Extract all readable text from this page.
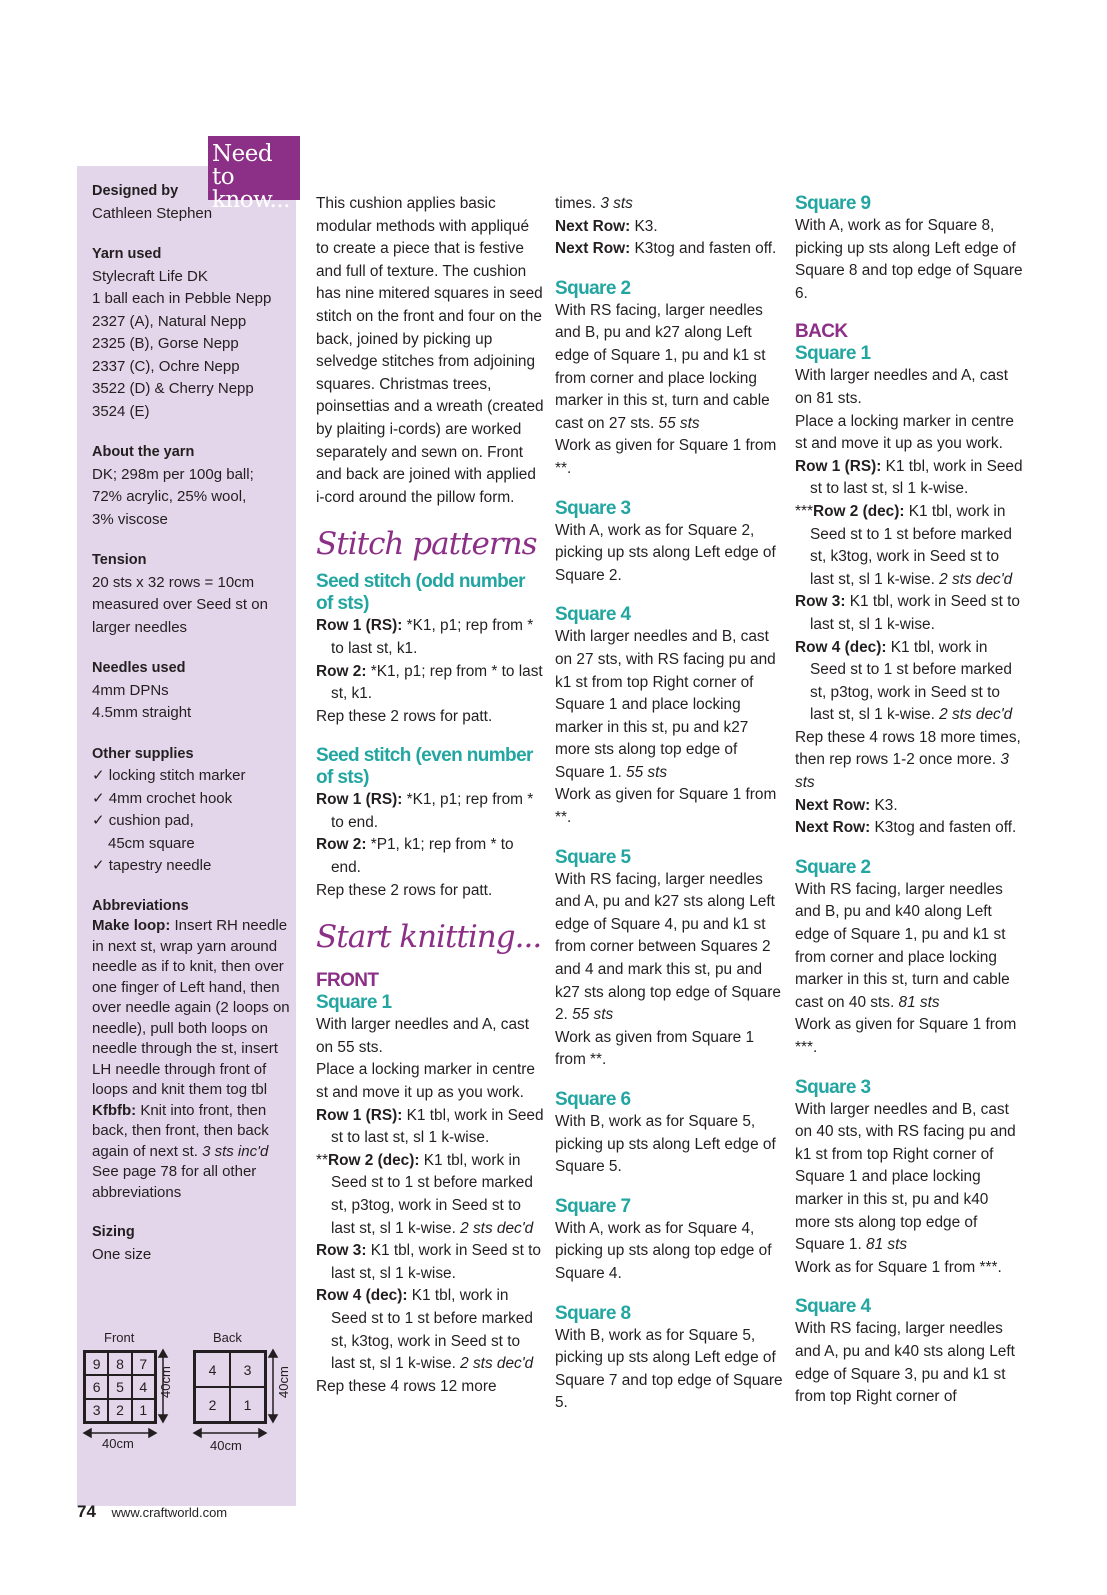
Need to know...
Designed by
Cathleen Stephen
Yarn used
Stylecraft Life DK
1 ball each in Pebble Nepp
2327 (A), Natural Nepp
2325 (B), Gorse Nepp
2337 (C), Ochre Nepp
3522 (D) & Cherry Nepp
3524 (E)
About the yarn
DK; 298m per 100g ball;
72% acrylic, 25% wool,
3% viscose
Tension
20 sts x 32 rows = 10cm
measured over Seed st on
larger needles
Needles used
4mm DPNs
4.5mm straight
Other supplies
✓ locking stitch marker
✓ 4mm crochet hook
✓ cushion pad,
45cm square
✓ tapestry needle
Abbreviations
Make loop: Insert RH needle in next st, wrap yarn around needle as if to knit, then over one finger of Left hand, then over needle again (2 loops on needle), pull both loops on needle through the st, insert LH needle through front of loops and knit them tog tbl
Kfbfb: Knit into front, then back, then front, then back again of next st. 3 sts inc'd
See page 78 for all other abbreviations
Sizing
One size
Front	Back
9	8	7
6	5	4
3	2	1
4	3
2	1
40cm	40cm
40cm	40cm

This cushion applies basic modular methods with appliqué to create a piece that is festive and full of texture. The cushion has nine mitered squares in seed stitch on the front and four on the back, joined by picking up selvedge stitches from adjoining squares. Christmas trees, poinsettias and a wreath (created by plaiting i-cords) are worked separately and sewn on. Front and back are joined with applied i-cord around the pillow form.

Stitch patterns
Seed stitch (odd number of sts)

Row 1 (RS): *K1, p1; rep from * to last st, k1.

Row 2: *K1, p1; rep from * to last st, k1.

Rep these 2 rows for patt.

Seed stitch (even number of sts)

Row 1 (RS): *K1, p1; rep from * to end.

Row 2: *P1, k1; rep from * to end.

Rep these 2 rows for patt.

Start knitting...
FRONT
Square 1

With larger needles and A, cast on 55 sts.

Place a locking marker in centre st and move it up as you work.

Row 1 (RS): K1 tbl, work in Seed st to last st, sl 1 k-wise.

**Row 2 (dec): K1 tbl, work in Seed st to 1 st before marked st, p3tog, work in Seed st to last st, sl 1 k-wise. 2 sts dec'd

Row 3: K1 tbl, work in Seed st to last st, sl 1 k-wise.

Row 4 (dec): K1 tbl, work in Seed st to 1 st before marked st, k3tog, work in Seed st to last st, sl 1 k-wise. 2 sts dec'd

Rep these 4 rows 12 more

times. 3 sts

Next Row: K3.

Next Row: K3tog and fasten off.

Square 2

With RS facing, larger needles and B, pu and k27 along Left edge of Square 1, pu and k1 st from corner and place locking marker in this st, turn and cable cast on 27 sts. 55 sts

Work as given for Square 1 from **.

Square 3

With A, work as for Square 2, picking up sts along Left edge of Square 2.

Square 4

With larger needles and B, cast on 27 sts, with RS facing pu and k1 st from top Right corner of Square 1 and place locking marker in this st, pu and k27 more sts along top edge of Square 1. 55 sts

Work as given for Square 1 from **.

Square 5

With RS facing, larger needles and A, pu and k27 sts along Left edge of Square 4, pu and k1 st from corner between Squares 2 and 4 and mark this st, pu and k27 sts along top edge of Square 2. 55 sts

Work as given from Square 1 from **.

Square 6

With B, work as for Square 5, picking up sts along Left edge of Square 5.

Square 7

With A, work as for Square 4, picking up sts along top edge of Square 4.

Square 8

With B, work as for Square 5, picking up sts along Left edge of Square 7 and top edge of Square 5.

Square 9

With A, work as for Square 8, picking up sts along Left edge of Square 8 and top edge of Square 6.

BACK
Square 1

With larger needles and A, cast on 81 sts.

Place a locking marker in centre st and move it up as you work.

Row 1 (RS): K1 tbl, work in Seed st to last st, sl 1 k-wise.

***Row 2 (dec): K1 tbl, work in Seed st to 1 st before marked st, k3tog, work in Seed st to last st, sl 1 k-wise. 2 sts dec'd

Row 3: K1 tbl, work in Seed st to last st, sl 1 k-wise.

Row 4 (dec): K1 tbl, work in Seed st to 1 st before marked st, p3tog, work in Seed st to last st, sl 1 k-wise. 2 sts dec'd

Rep these 4 rows 18 more times, then rep rows 1-2 once more. 3 sts

Next Row: K3.

Next Row: K3tog and fasten off.

Square 2

With RS facing, larger needles and B, pu and k40 along Left edge of Square 1, pu and k1 st from corner and place locking marker in this st, turn and cable cast on 40 sts. 81 sts

Work as given for Square 1 from ***.

Square 3

With larger needles and B, cast on 40 sts, with RS facing pu and k1 st from top Right corner of Square 1 and place locking marker in this st, pu and k40 more sts along top edge of Square 1. 81 sts

Work as for Square 1 from ***.

Square 4

With RS facing, larger needles and A, pu and k40 sts along Left edge of Square 3, pu and k1 st from top Right corner of

74 www.craftworld.com
